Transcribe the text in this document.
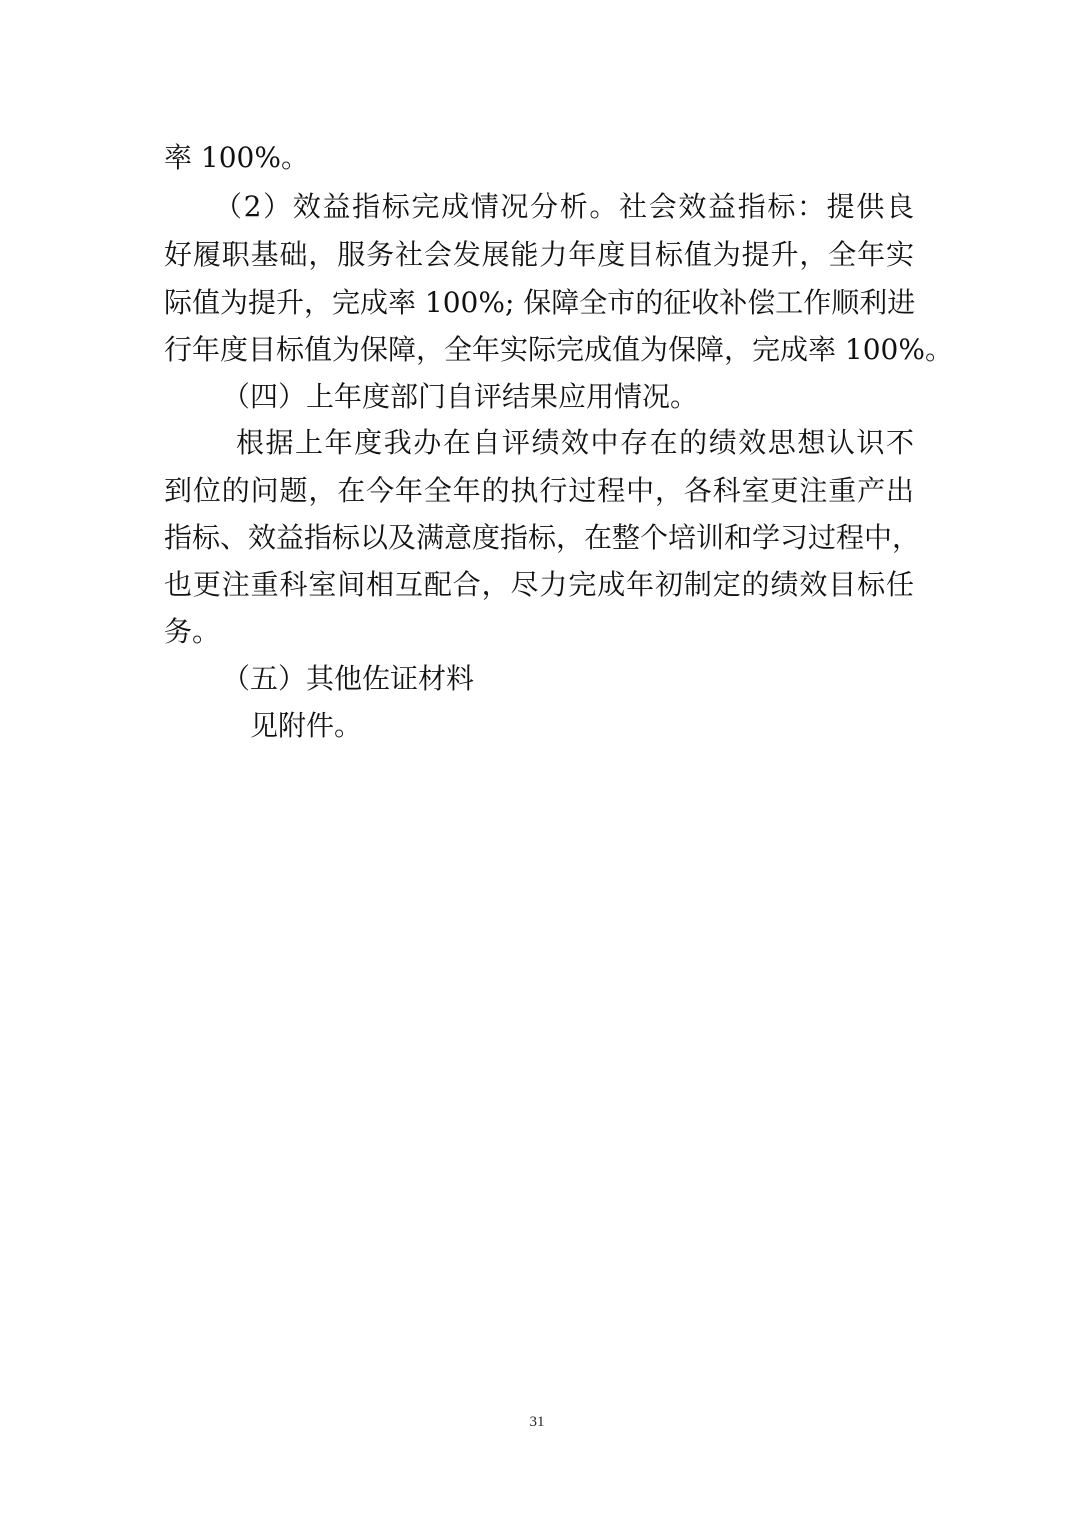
率 100%。
（2）效益指标完成情况分析。社会效益指标：提供良
好履职基础，服务社会发展能力年度目标值为提升，全年实
际值为提升，完成率 100%; 保障全市的征收补偿工作顺利进
行年度目标值为保障，全年实际完成值为保障，完成率 100%。
（四）上年度部门自评结果应用情况。
根据上年度我办在自评绩效中存在的绩效思想认识不
到位的问题，在今年全年的执行过程中，各科室更注重产出
指标、效益指标以及满意度指标，在整个培训和学习过程中，
也更注重科室间相互配合，尽力完成年初制定的绩效目标任
务。
（五）其他佐证材料
见附件。
31
